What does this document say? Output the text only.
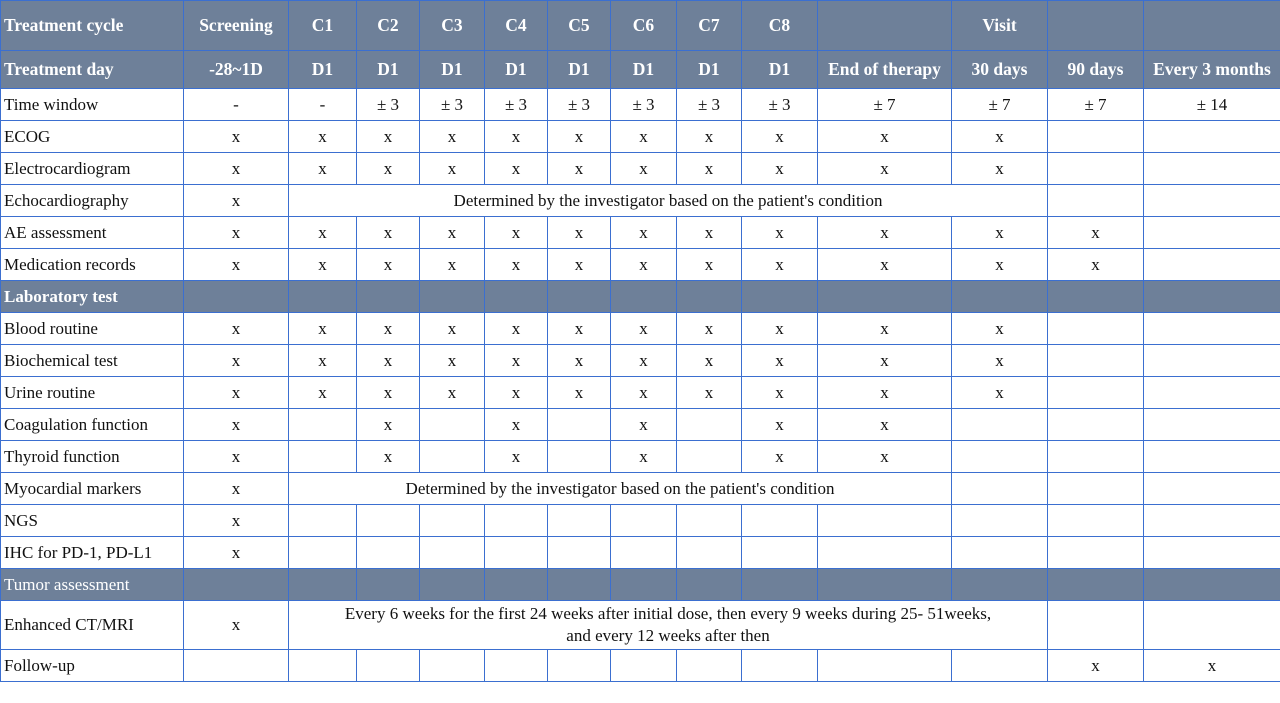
Treatment cycle	Screening	C1	C2	C3	C4	C5	C6	C7	C8		Visit		
Treatment day	-28~1D	D1	D1	D1	D1	D1	D1	D1	D1	End of therapy	30 days	90 days	Every 3 months
Time window	-	-	± 3	± 3	± 3	± 3	± 3	± 3	± 3	± 7	± 7	± 7	± 14
ECOG	x	x	x	x	x	x	x	x	x	x	x		
Electrocardiogram	x	x	x	x	x	x	x	x	x	x	x		
Echocardiography	x	Determined by the investigator based on the patient's condition											
AE assessment	x	x	x	x	x	x	x	x	x	x	x	x	
Medication records	x	x	x	x	x	x	x	x	x	x	x	x	
Laboratory test													
Blood routine	x	x	x	x	x	x	x	x	x	x	x		
Biochemical test	x	x	x	x	x	x	x	x	x	x	x		
Urine routine	x	x	x	x	x	x	x	x	x	x	x		
Coagulation function	x		x		x		x		x	x			
Thyroid function	x		x		x		x		x	x			
Myocardial markers	x	Determined by the investigator based on the patient's condition											
NGS	x												
IHC for PD-1, PD-L1	x												
Tumor assessment													
Enhanced CT/MRI	x	Every 6 weeks for the first 24 weeks after initial dose, then every 9 weeks during 25- 51weeks,
and every 12 weeks after then											

Follow-up												x	x
